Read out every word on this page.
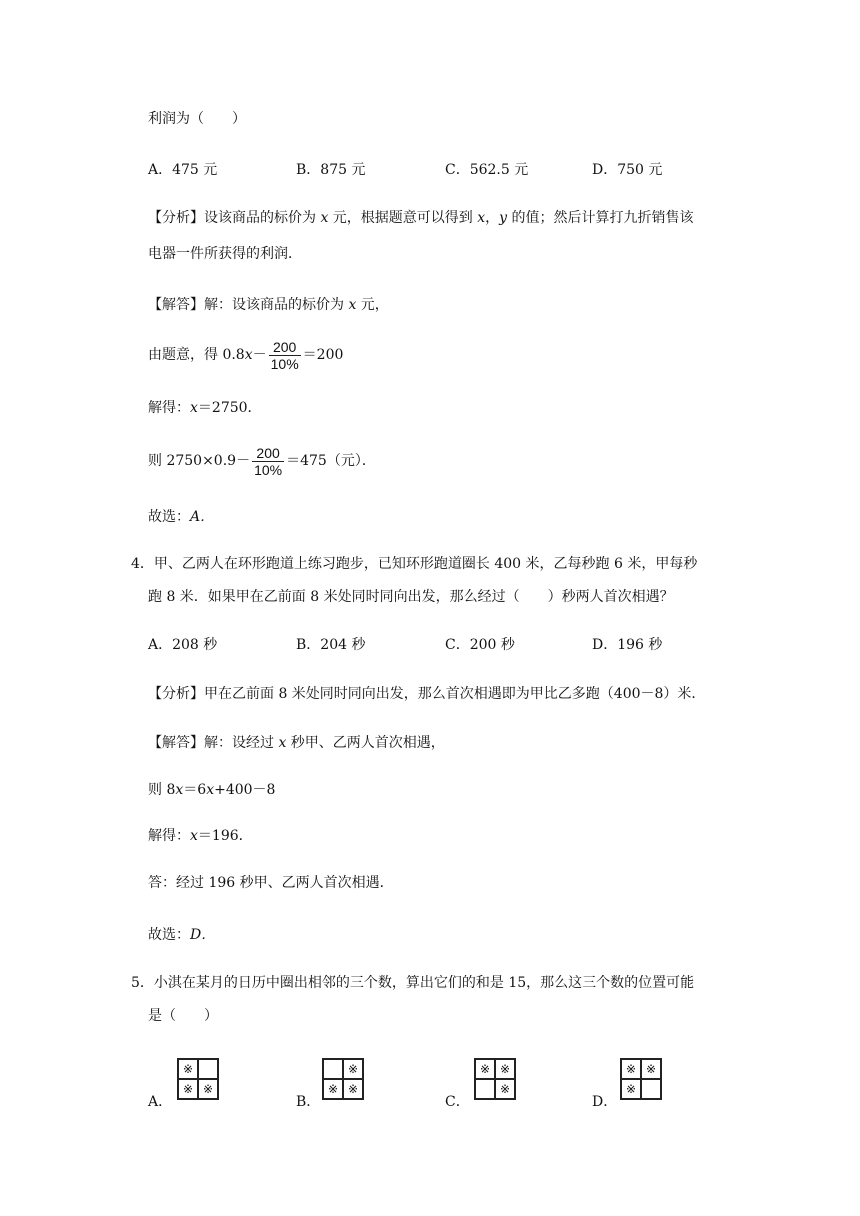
利润为（　　）
A．475 元	B．875 元	C．562.5 元	D．750 元
【分析】设该商品的标价为 x 元，根据题意可以得到 x，y 的值；然后计算打九折销售该
电器一件所获得的利润．
【解答】解：设该商品的标价为 x 元，
由题意，得 $0.8x- \frac{200}{10\%} =200$
解得：x＝2750．
则 $2750\times 0.9- \frac{200}{10\%} =475$（元）．
故选：A．
4．甲、乙两人在环形跑道上练习跑步，已知环形跑道圈长 400 米，乙每秒跑 6 米，甲每秒
跑 8 米．如果甲在乙前面 8 米处同时同向出发，那么经过（　　）秒两人首次相遇？
A．208 秒	B．204 秒	C．200 秒	D．196 秒
【分析】甲在乙前面 8 米处同时同向出发，那么首次相遇即为甲比乙多跑（400－8）米．
【解答】解：设经过 x 秒甲、乙两人首次相遇，
则 8x＝6x+400－8
解得：x＝196．
答：经过 196 秒甲、乙两人首次相遇．
故选：D．
5．小淇在某月的日历中圈出相邻的三个数，算出它们的和是 15，那么这三个数的位置可能
是（　　）
A．
※
※ ※
B．
※
※ ※
C．
※ ※
※
D．
※ ※
※
